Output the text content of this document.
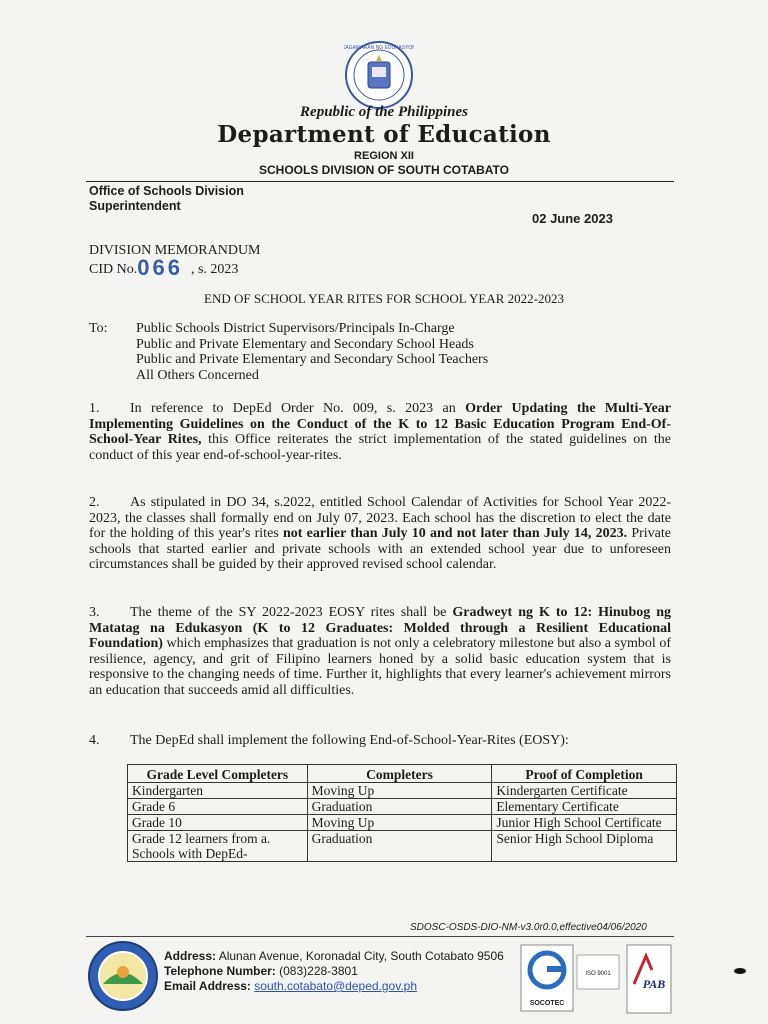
KAGAWARAN NG EDUKASYON
Republic of the Philippines
Department of Education
REGION XII
SCHOOLS DIVISION OF SOUTH COTABATO
Office of Schools Division Superintendent
02 June 2023
DIVISION MEMORANDUM
CID No.066 , s. 2023
END OF SCHOOL YEAR RITES FOR SCHOOL YEAR 2022-2023
To: Public Schools District Supervisors/Principals In-Charge
Public and Private Elementary and Secondary School Heads
Public and Private Elementary and Secondary School Teachers
All Others Concerned
1. In reference to DepEd Order No. 009, s. 2023 an Order Updating the Multi-Year Implementing Guidelines on the Conduct of the K to 12 Basic Education Program End-Of-School-Year Rites, this Office reiterates the strict implementation of the stated guidelines on the conduct of this year end-of-school-year-rites.
2. As stipulated in DO 34, s.2022, entitled School Calendar of Activities for School Year 2022-2023, the classes shall formally end on July 07, 2023. Each school has the discretion to elect the date for the holding of this year's rites not earlier than July 10 and not later than July 14, 2023. Private schools that started earlier and private schools with an extended school year due to unforeseen circumstances shall be guided by their approved revised school calendar.
3. The theme of the SY 2022-2023 EOSY rites shall be Gradweyt ng K to 12: Hinubog ng Matatag na Edukasyon (K to 12 Graduates: Molded through a Resilient Educational Foundation) which emphasizes that graduation is not only a celebratory milestone but also a symbol of resilience, agency, and grit of Filipino learners honed by a solid basic education system that is responsive to the changing needs of time. Further it, highlights that every learner's achievement mirrors an education that succeeds amid all difficulties.
4. The DepEd shall implement the following End-of-School-Year-Rites (EOSY):
Grade Level Completers	Completers	Proof of Completion
Kindergarten	Moving Up	Kindergarten Certificate
Grade 6	Graduation	Elementary Certificate
Grade 10	Moving Up	Junior High School Certificate
Grade 12 learners from a. Schools with DepEd-	Graduation	Senior High School Diploma
SDOSC-OSDS-DIO-NM-v3.0r0.0,effective04/06/2020
Address: Alunan Avenue, Koronadal City, South Cotabato 9506
Telephone Number: (083)228-3801
Email Address: south.cotabato@deped.gov.ph
SOCOTEC
ISO 9001
PAB
